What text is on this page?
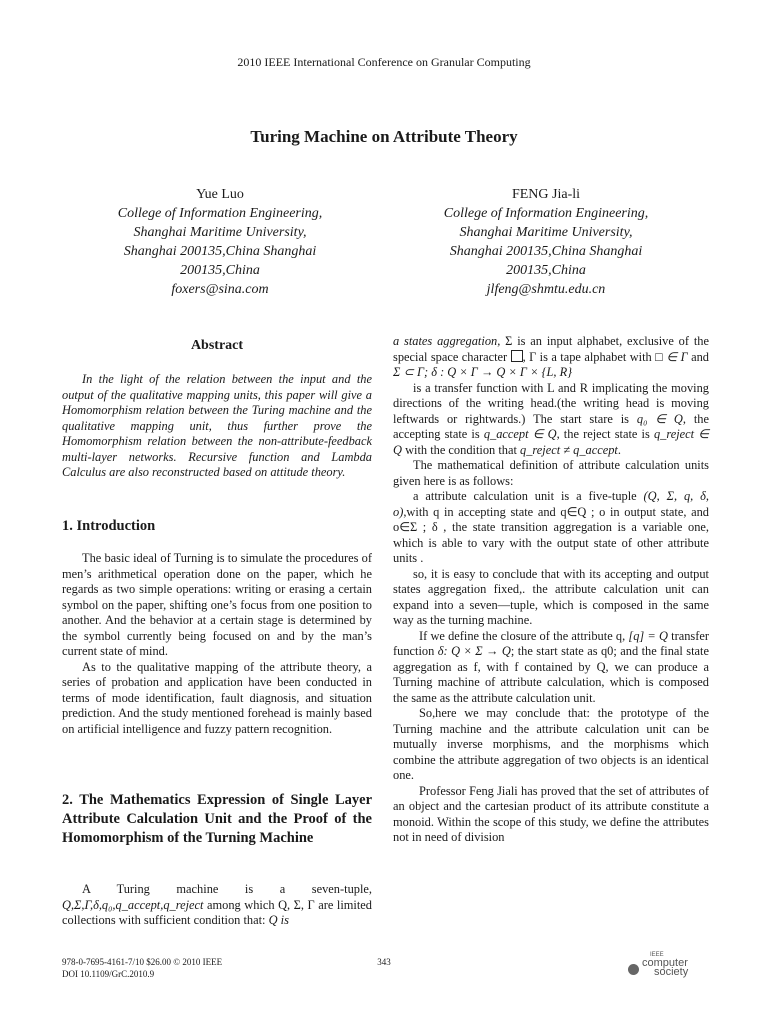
2010 IEEE International Conference on Granular Computing
Turing Machine on Attribute Theory
Yue Luo
College of Information Engineering,
Shanghai Maritime University,
Shanghai 200135,China Shanghai
200135,China
foxers@sina.com
FENG Jia-li
College of Information Engineering,
Shanghai Maritime University,
Shanghai 200135,China Shanghai
200135,China
jlfeng@shmtu.edu.cn
Abstract

In the light of the relation between the input and the output of the qualitative mapping units, this paper will give a Homomorphism relation between the Turing machine and the qualitative mapping unit, thus further prove the Homomorphism relation between the non-attribute-feedback multi-layer networks. Recursive function and Lambda Calculus are also reconstructed based on attitude theory.

1. Introduction

The basic ideal of Turning is to simulate the procedures of men’s arithmetical operation done on the paper, which he regards as two simple operations: writing or erasing a certain symbol on the paper, shifting one’s focus from one position to another. And the behavior at a certain stage is determined by the symbol currently being focused on and by the man’s current state of mind.

As to the qualitative mapping of the attribute theory, a series of probation and application have been conducted in terms of mode identification, fault diagnosis, and situation prediction. And the study mentioned forehead is mainly based on artificial intelligence and fuzzy pattern recognition.

2. The Mathematics Expression of Single Layer Attribute Calculation Unit and the Proof of the Homomorphism of the Turning Machine

A Turing machine is a seven-tuple, Q,Σ,Γ,δ,q₀,q_accept,q_reject among which Q, Σ, Γ are limited collections with sufficient condition that: Q is

a states aggregation, Σ is an input alphabet, exclusive of the special space character , Γ is a tape alphabet with □ ∈ Γ and Σ ⊂ Γ; δ : Q × Γ → Q × Γ × {L, R}

is a transfer function with L and R implicating the moving directions of the writing head.(the writing head is moving leftwards or rightwards.) The start stare is q₀ ∈ Q, the accepting state is q_accept ∈ Q, the reject state is q_reject ∈ Q with the condition that q_reject ≠ q_accept.

The mathematical definition of attribute calculation units given here is as follows:

a attribute calculation unit is a five-tuple (Q, Σ, q, δ, o),with q in accepting state and q∈Q ; o in output state, and o∈Σ ; δ , the state transition aggregation is a variable one, which is able to vary with the output state of other attribute units .

so, it is easy to conclude that with its accepting and output states aggregation fixed,. the attribute calculation unit can expand into a seven—tuple, which is composed in the same way as the turning machine.

If we define the closure of the attribute q, [q] = Q transfer function δ: Q × Σ → Q; the start state as q0; and the final state aggregation as f, with f contained by Q, we can produce a Turning machine of attribute calculation, which is composed the same as the attribute calculation unit.

So,here we may conclude that: the prototype of the Turning machine and the attribute calculation unit can be mutually inverse morphisms, and the morphisms which combine the attribute aggregation of two objects is an identical one.

Professor Feng Jiali has proved that the set of attributes of an object and the cartesian product of its attribute constitute a monoid. Within the scope of this study, we define the attributes not in need of division

978-0-7695-4161-7/10 $26.00 © 2010 IEEE
DOI 10.1109/GrC.2010.9
343
IEEE
computer
society
